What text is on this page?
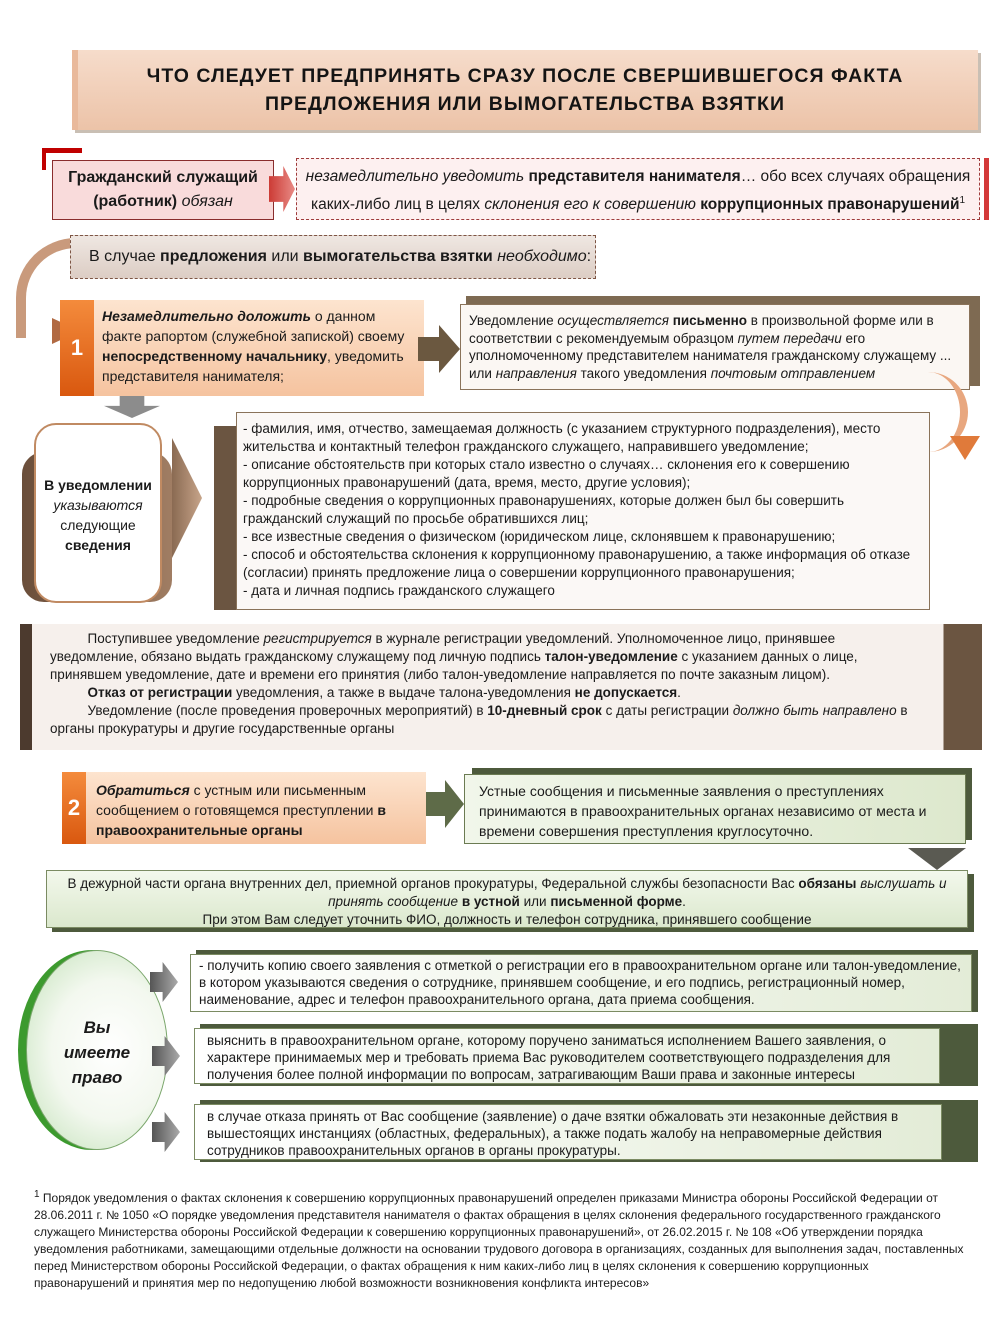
ЧТО СЛЕДУЕТ ПРЕДПРИНЯТЬ СРАЗУ ПОСЛЕ СВЕРШИВШЕГОСЯ ФАКТА
ПРЕДЛОЖЕНИЯ ИЛИ ВЫМОГАТЕЛЬСТВА ВЗЯТКИ
Гражданский служащий
(работник) обязан
незамедлительно уведомить представителя нанимателя… обо всех случаях обращения каких-либо лиц в целях склонения его к совершению коррупционных правонарушений$^1$
В случае предложения или вымогательства взятки необходимо:
1
Незамедлительно доложить о данном факте рапортом (служебной запиской) своему непосредственному начальнику, уведомить представителя нанимателя;
Уведомление осуществляется письменно в произвольной форме или в соответствии с рекомендуемым образцом путем передачи его уполномоченному представителем нанимателя гражданскому служащему ... или направления такого уведомления почтовым отправлением
В уведомлении
указываются
следующие
сведения

- фамилия, имя, отчество, замещаемая должность (с указанием структурного подразделения), место жительства и контактный телефон гражданского служащего, направившего уведомление;

- описание обстоятельств при которых стало известно о случаях… склонения его к совершению коррупционных правонарушений (дата, время, место, другие условия);

- подробные сведения о коррупционных правонарушениях, которые должен был бы совершить гражданский служащий по просьбе обратившихся лиц;

- все известные сведения о физическом (юридическом лице, склонявшем к правонарушению;

- способ и обстоятельства склонения к коррупционному правонарушению, а также информация об отказе (согласии) принять предложение лица о совершении коррупционного правонарушения;

- дата и личная подпись гражданского служащего

Поступившее уведомление регистрируется в журнале регистрации уведомлений. Уполномоченное лицо, принявшее уведомление, обязано выдать гражданскому служащему под личную подпись талон-уведомление с указанием данных о лице, принявшем уведомление, дате и времени его принятия (либо талон-уведомление направляется по почте заказным лицом).

Отказ от регистрации уведомления, а также в выдаче талона-уведомления не допускается.

Уведомление (после проведения проверочных мероприятий) в 10-дневный срок с даты регистрации должно быть направлено в органы прокуратуры и другие государственные органы

2
Обратиться с устным или письменным сообщением о готовящемся преступлении в правоохранительные органы
Устные сообщения и письменные заявления о преступлениях принимаются в правоохранительных органах независимо от места и времени совершения преступления круглосуточно.
В дежурной части органа внутренних дел, приемной органов прокуратуры, Федеральной службы безопасности Вас обязаны выслушать и принять сообщение в устной или письменной форме.
При этом Вам следует уточнить ФИО, должность и телефон сотрудника, принявшего сообщение
Вы
имеете
право
- получить копию своего заявления с отметкой о регистрации его в правоохранительном органе или талон-уведомление, в котором указываются сведения о сотруднике, принявшем сообщение, и его подпись, регистрационный номер, наименование, адрес и телефон правоохранительного органа, дата приема сообщения.
выяснить в правоохранительном органе, которому поручено заниматься исполнением Вашего заявления, о характере принимаемых мер и требовать приема Вас руководителем соответствующего подразделения для получения более полной информации по вопросам, затрагивающим Ваши права и законные интересы
в случае отказа принять от Вас сообщение (заявление) о даче взятки обжаловать эти незаконные действия в вышестоящих инстанциях (областных, федеральных), а также подать жалобу на неправомерные действия сотрудников правоохранительных органов в органы прокуратуры.
$^1$ Порядок уведомления о фактах склонения к совершению коррупционных правонарушений определен приказами Министра обороны Российской Федерации от 28.06.2011 г. № 1050 «О порядке уведомления представителя нанимателя о фактах обращения в целях склонения федерального государственного гражданского служащего Министерства обороны Российской Федерации к совершению коррупционных правонарушений», от 26.02.2015 г. № 108 «Об утверждении порядка уведомления работниками, замещающими отдельные должности на основании трудового договора в организациях, созданных для выполнения задач, поставленных перед Министерством обороны Российской Федерации, о фактах обращения к ним каких-либо лиц в целях склонения к совершению коррупционных правонарушений и принятия мер по недопущению любой возможности возникновения конфликта интересов»
